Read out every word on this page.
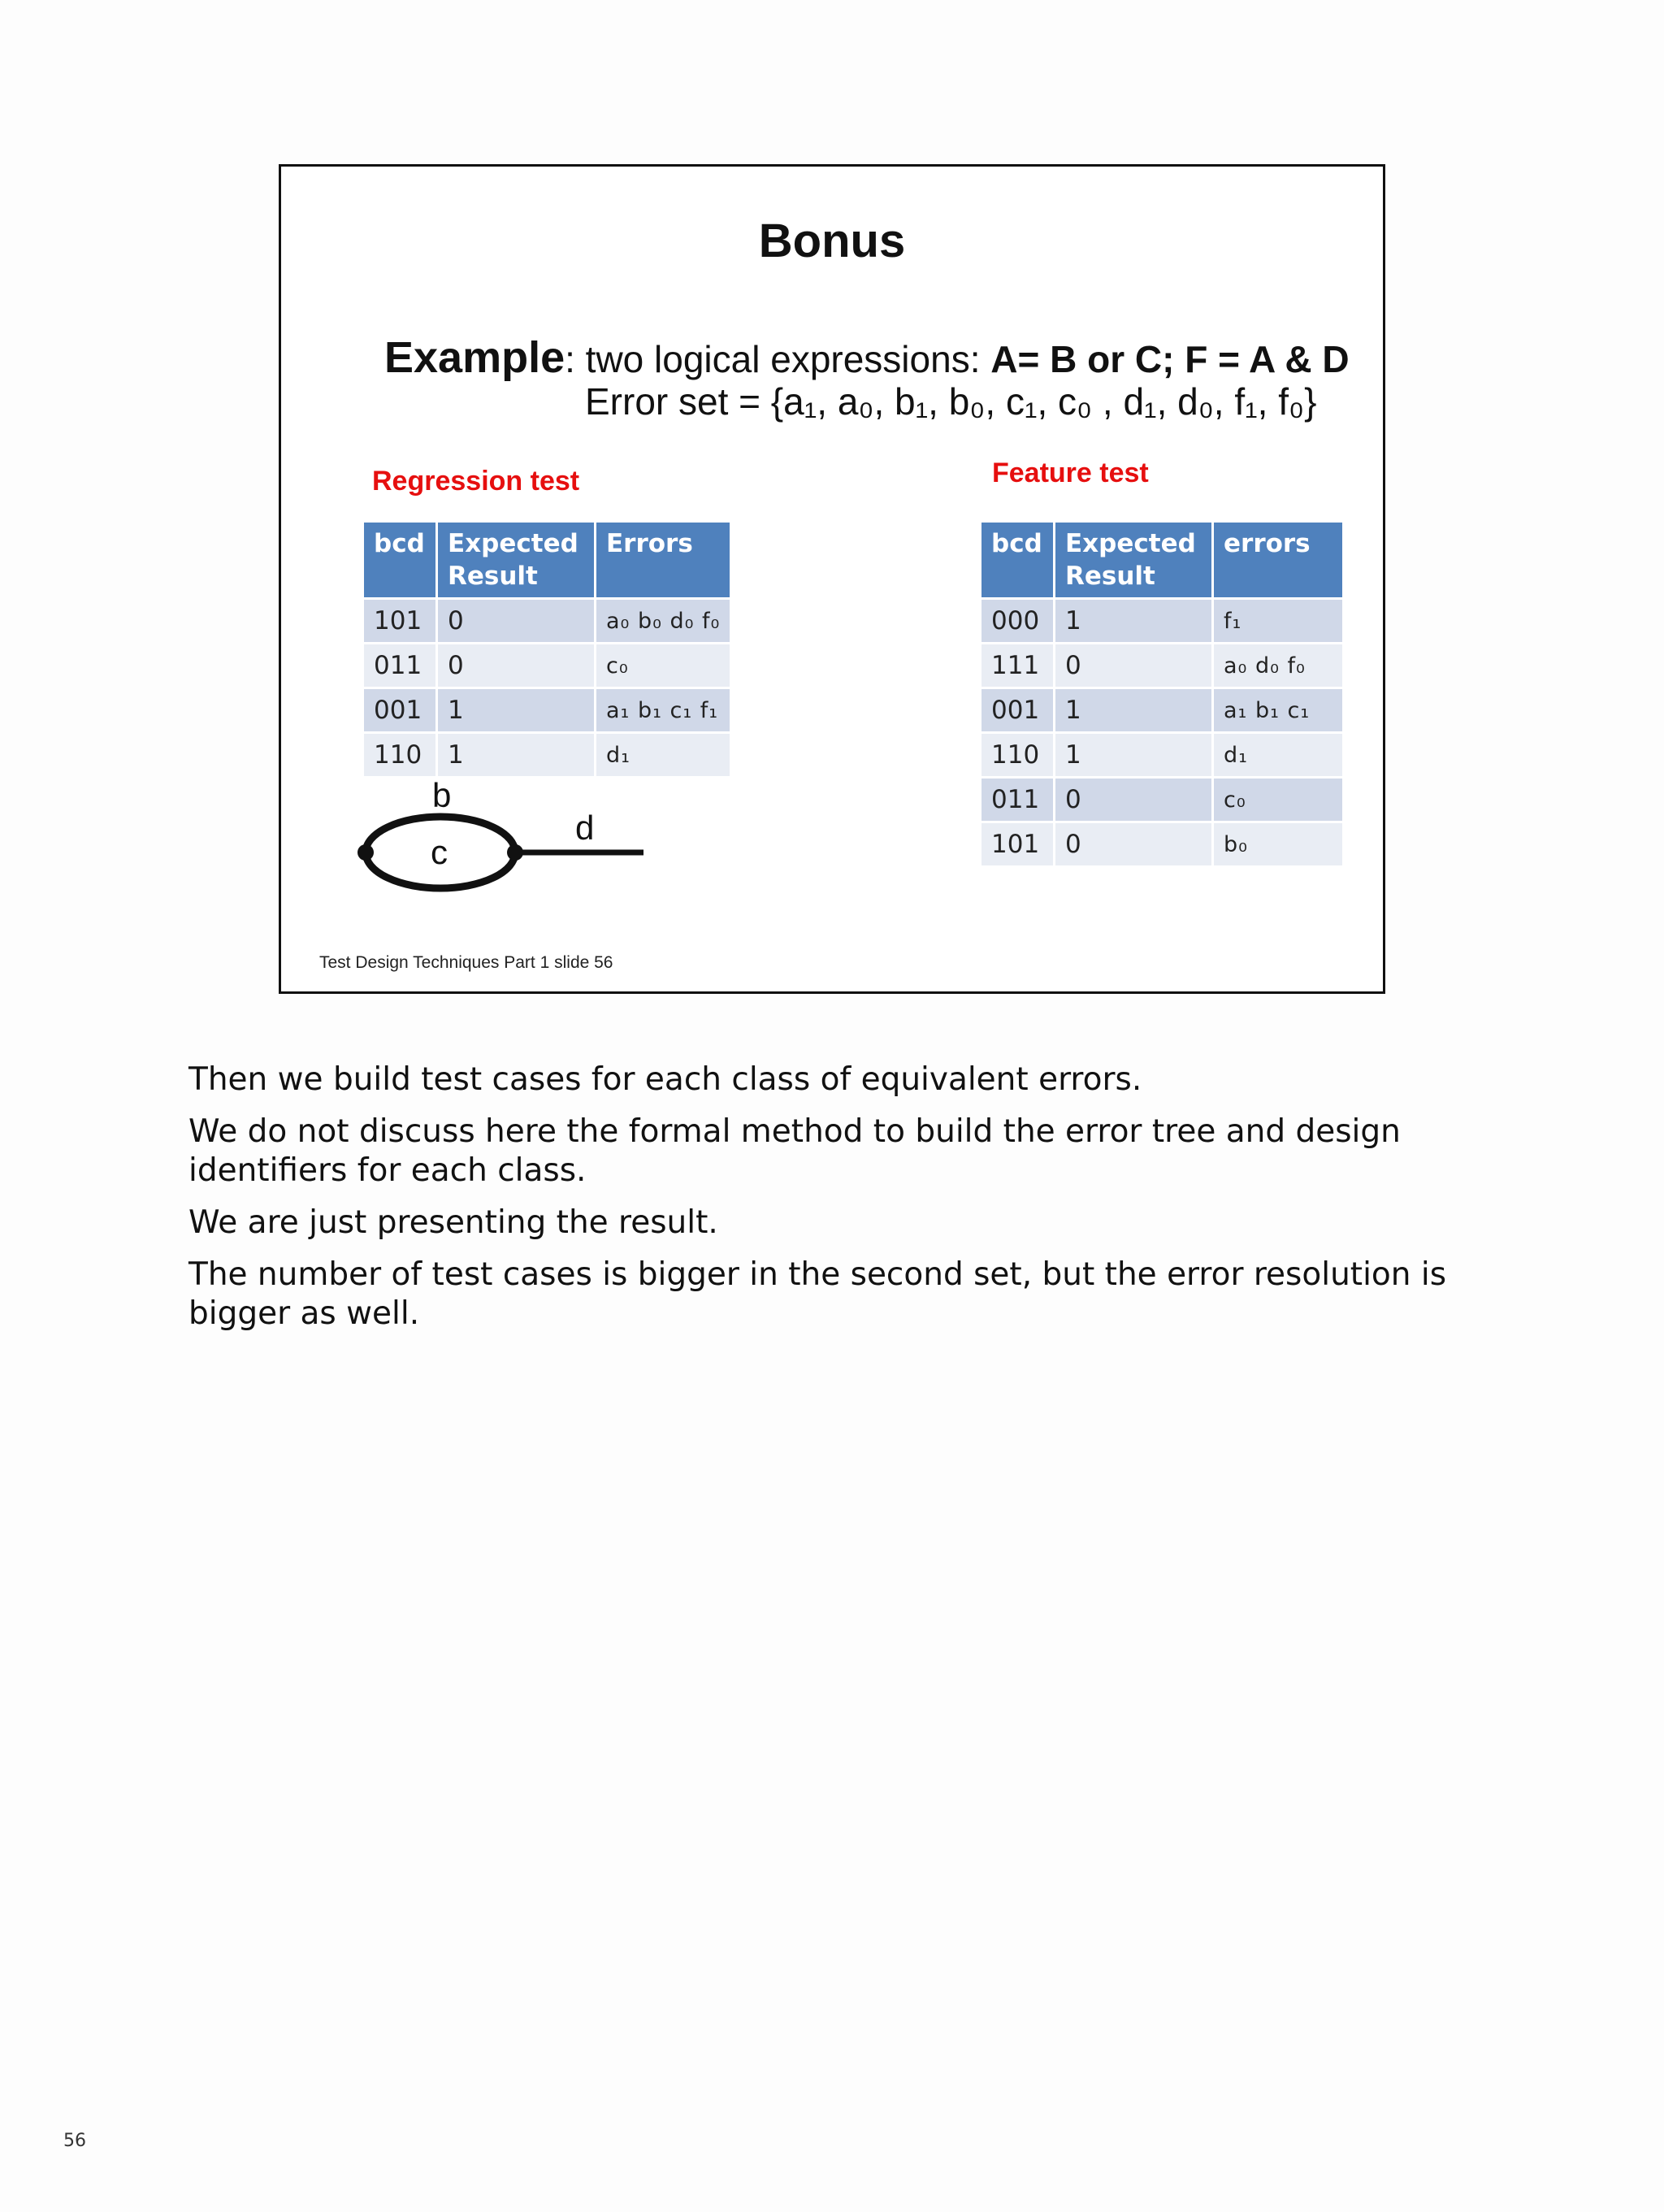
Bonus
Example: two logical expressions: A= B or C; F = A & D
Error set = {a₁, a₀, b₁, b₀, c₁, c₀ , d₁, d₀, f₁, f₀}
Regression test
bcd	Expected Result	Errors
101	0	a₀ b₀ d₀ f₀
011	0	c₀
001	1	a₁ b₁ c₁ f₁
110	1	d₁
Feature test
bcd	Expected Result	errors
000	1	f₁
111	0	a₀ d₀ f₀
001	1	a₁ b₁ c₁
110	1	d₁
011	0	c₀
101	0	b₀
b
c
d
Test Design Techniques Part 1 slide 56

Then we build test cases for each class of equivalent errors.

We do not discuss here the formal method to build the error tree and design identifiers for each class.

We are just presenting the result.

The number of test cases is bigger in the second set, but the error resolution is bigger as well.

56
